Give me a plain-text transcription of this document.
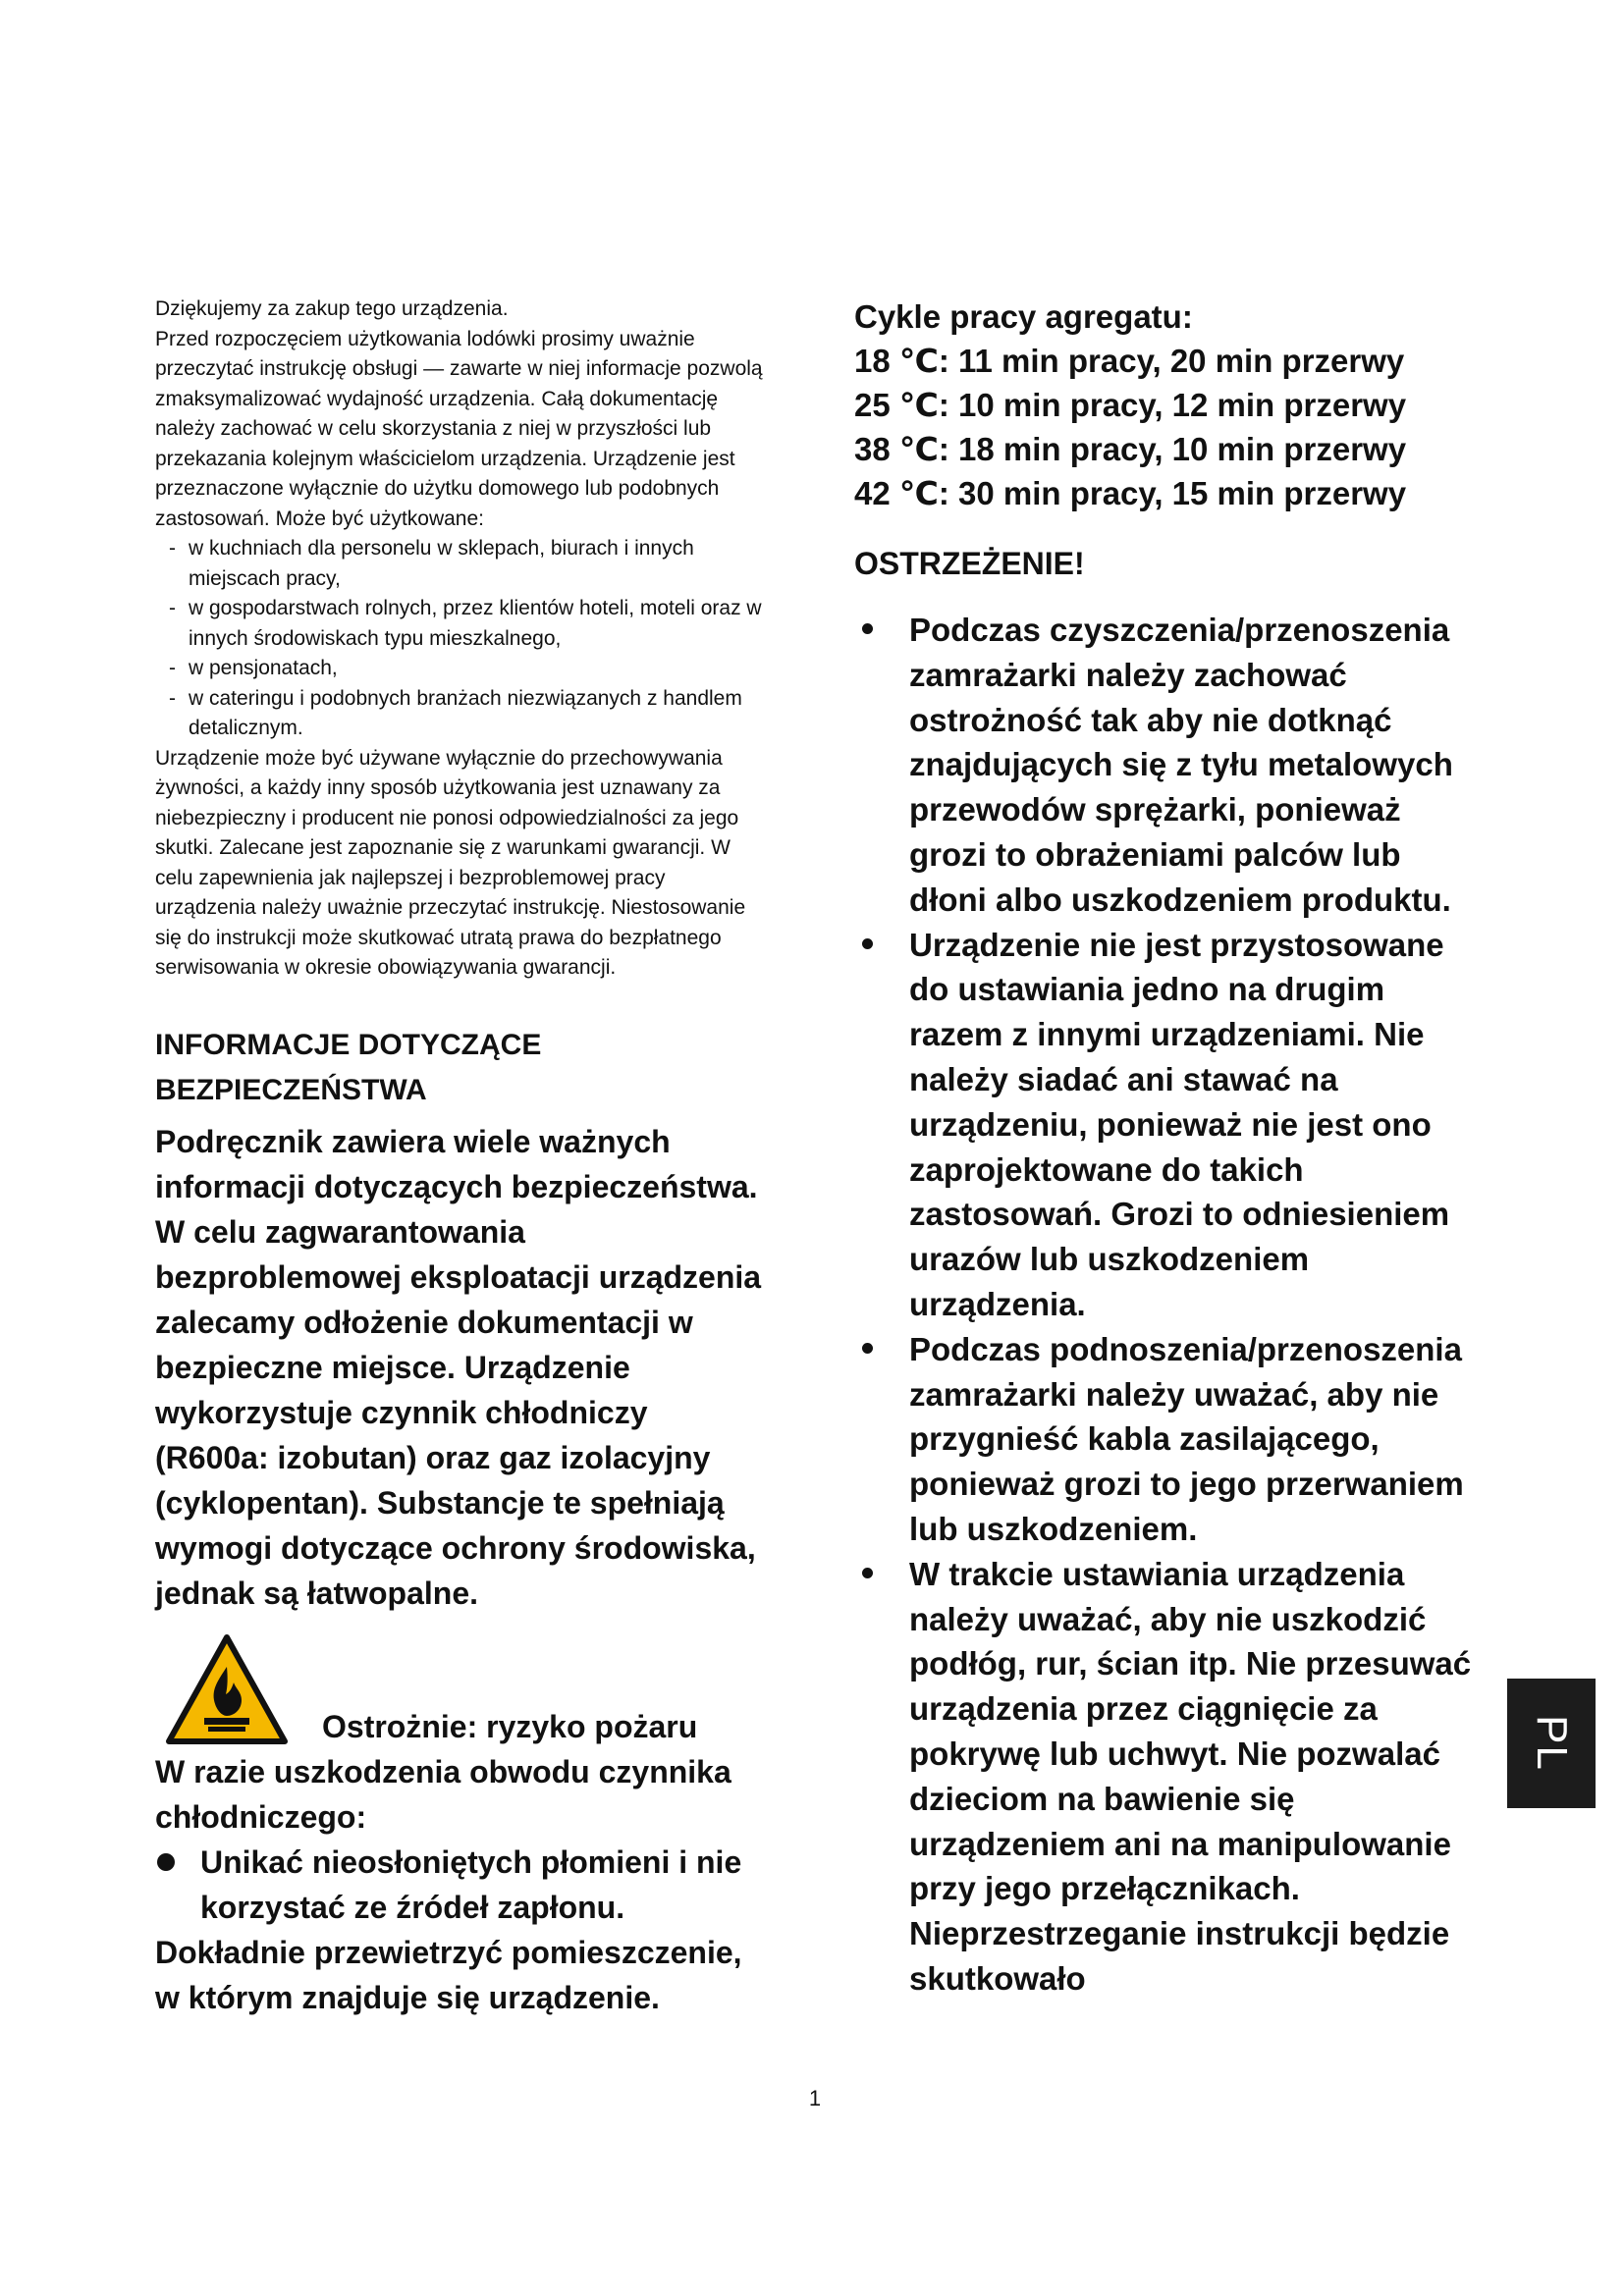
Dziękujemy za zakup tego urządzenia.
Przed rozpoczęciem użytkowania lodówki prosimy uważnie przeczytać instrukcję obsługi — zawarte w niej informacje pozwolą zmaksymalizować wydajność urządzenia. Całą dokumentację należy zachować w celu skorzystania z niej w przyszłości lub przekazania kolejnym właścicielom urządzenia. Urządzenie jest przeznaczone wyłącznie do użytku domowego lub podobnych zastosowań. Może być użytkowane:

- w kuchniach dla personelu w sklepach, biurach i innych miejscach pracy,
- w gospodarstwach rolnych, przez klientów hoteli, moteli oraz w innych środowiskach typu mieszkalnego,
- w pensjonatach,
- w cateringu i podobnych branżach niezwiązanych z handlem detalicznym.

Urządzenie może być używane wyłącznie do przechowywania żywności, a każdy inny sposób użytkowania jest uznawany za niebezpieczny i producent nie ponosi odpowiedzialności za jego skutki. Zalecane jest zapoznanie się z warunkami gwarancji. W celu zapewnienia jak najlepszej i bezproblemowej pracy urządzenia należy uważnie przeczytać instrukcję. Niestosowanie się do instrukcji może skutkować utratą prawa do bezpłatnego serwisowania w okresie obowiązywania gwarancji.

INFORMACJE DOTYCZĄCE BEZPIECZEŃSTWA

Podręcznik zawiera wiele ważnych informacji dotyczących bezpieczeństwa. W celu zagwarantowania bezproblemowej eksploatacji urządzenia zalecamy odłożenie dokumentacji w bezpieczne miejsce. Urządzenie wykorzystuje czynnik chłodniczy (R600a: izobutan) oraz gaz izolacyjny (cyklopentan). Substancje te spełniają wymogi dotyczące ochrony środowiska, jednak są łatwopalne.

Ostrożnie: ryzyko pożaru

W razie uszkodzenia obwodu czynnika chłodniczego:

Unikać nieosłoniętych płomieni i nie korzystać ze źródeł zapłonu.

Dokładnie przewietrzyć pomieszczenie, w którym znajduje się urządzenie.

Cykle pracy agregatu:

18 ℃: 11 min pracy, 20 min przerwy
25 ℃: 10 min pracy, 12 min przerwy
38 ℃: 18 min pracy, 10 min przerwy
42 ℃: 30 min pracy, 15 min przerwy

OSTRZEŻENIE!

Podczas czyszczenia/przenoszenia zamrażarki należy zachować ostrożność tak aby nie dotknąć znajdujących się z tyłu metalowych przewodów sprężarki, ponieważ grozi to obrażeniami palców lub dłoni albo uszkodzeniem produktu.
Urządzenie nie jest przystosowane do ustawiania jedno na drugim razem z innymi urządzeniami. Nie należy siadać ani stawać na urządzeniu, ponieważ nie jest ono zaprojektowane do takich zastosowań. Grozi to odniesieniem urazów lub uszkodzeniem urządzenia.
Podczas podnoszenia/przenoszenia zamrażarki należy uważać, aby nie przygnieść kabla zasilającego, ponieważ grozi to jego przerwaniem lub uszkodzeniem.
W trakcie ustawiania urządzenia należy uważać, aby nie uszkodzić podłóg, rur, ścian itp. Nie przesuwać urządzenia przez ciągnięcie za pokrywę lub uchwyt. Nie pozwalać dzieciom na bawienie się urządzeniem ani na manipulowanie przy jego przełącznikach. Nieprzestrzeganie instrukcji będzie skutkowało
1
PL
